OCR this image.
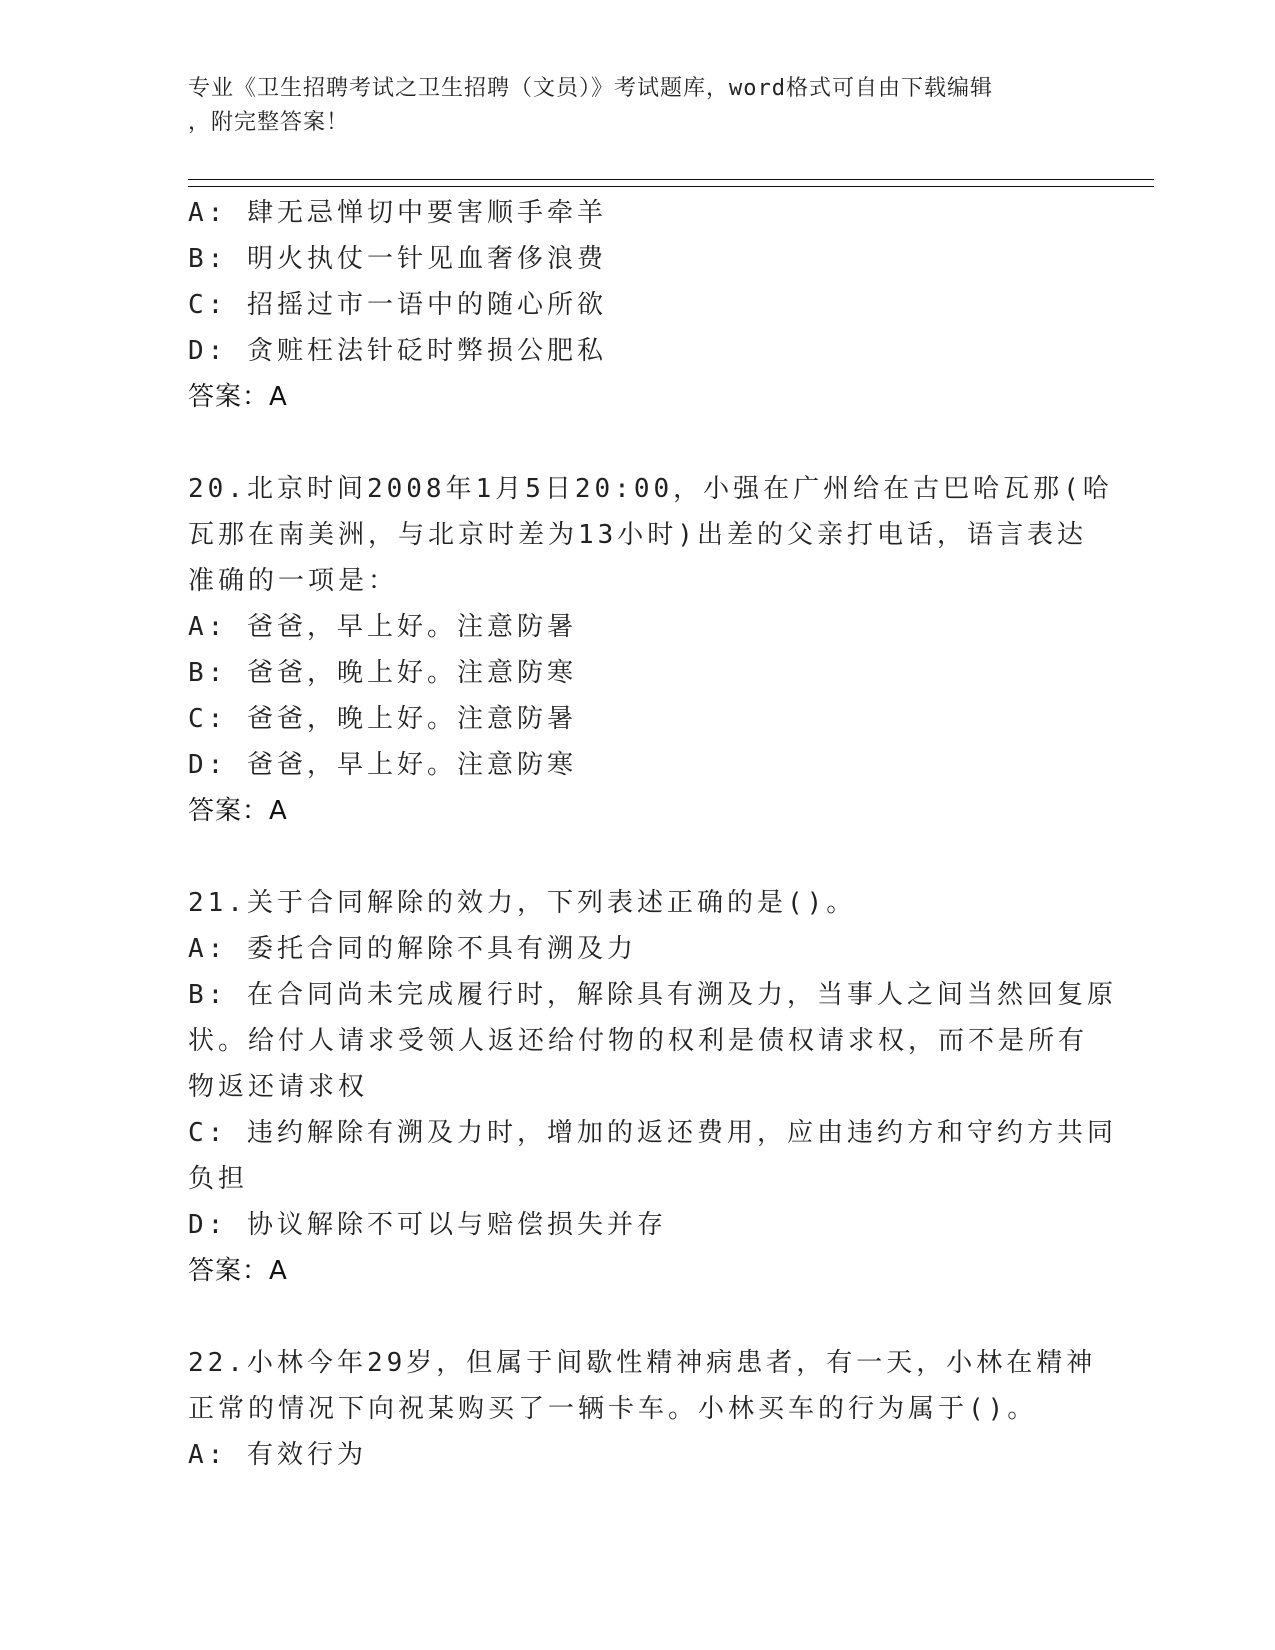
专业《卫生招聘考试之卫生招聘（文员）》考试题库，word格式可自由下载编辑
，附完整答案！
A: 肆无忌惮切中要害顺手牵羊
B: 明火执仗一针见血奢侈浪费
C: 招摇过市一语中的随心所欲
D: 贪赃枉法针砭时弊损公肥私
答案：A
20.北京时间2008年1月5日20:00，小强在广州给在古巴哈瓦那(哈
瓦那在南美洲，与北京时差为13小时)出差的父亲打电话，语言表达
准确的一项是：
A: 爸爸，早上好。注意防暑
B: 爸爸，晚上好。注意防寒
C: 爸爸，晚上好。注意防暑
D: 爸爸，早上好。注意防寒
答案：A
21.关于合同解除的效力，下列表述正确的是()。
A: 委托合同的解除不具有溯及力
B: 在合同尚未完成履行时，解除具有溯及力，当事人之间当然回复原
状。给付人请求受领人返还给付物的权利是债权请求权，而不是所有
物返还请求权
C: 违约解除有溯及力时，增加的返还费用，应由违约方和守约方共同
负担
D: 协议解除不可以与赔偿损失并存
答案：A
22.小林今年29岁，但属于间歇性精神病患者，有一天，小林在精神
正常的情况下向祝某购买了一辆卡车。小林买车的行为属于()。
A: 有效行为
